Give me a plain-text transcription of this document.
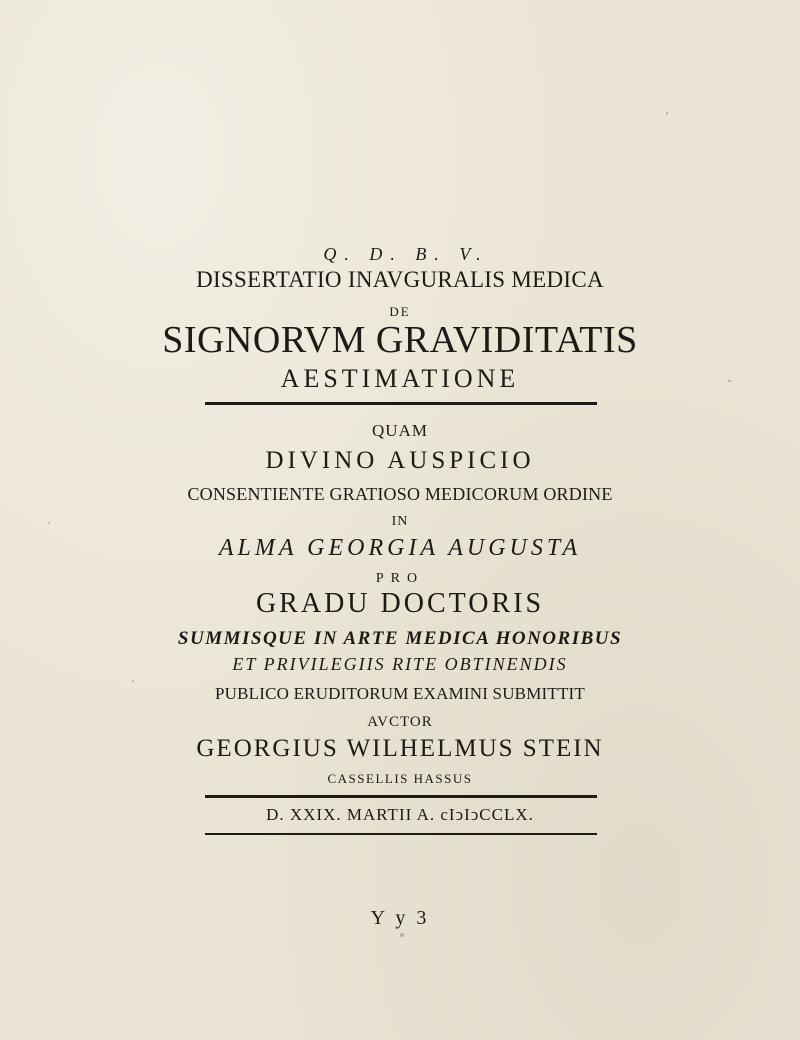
Q. D. B. V.
DISSERTATIO INAVGURALIS MEDICA
DE
SIGNORVM GRAVIDITATIS
AESTIMATIONE
QUAM
DIVINO AUSPICIO
CONSENTIENTE GRATIOSO MEDICORUM ORDINE
IN
ALMA GEORGIA AUGUSTA
PRO
GRADU DOCTORIS
SUMMISQUE IN ARTE MEDICA HONORIBUS
ET PRIVILEGIIS RITE OBTINENDIS
PUBLICO ERUDITORUM EXAMINI SUBMITTIT
AVCTOR
GEORGIUS WILHELMUS STEIN
CASSELLIS HASSUS
D. XXIX. MARTII A. cIↄIↄCCLX.
Y y 3
